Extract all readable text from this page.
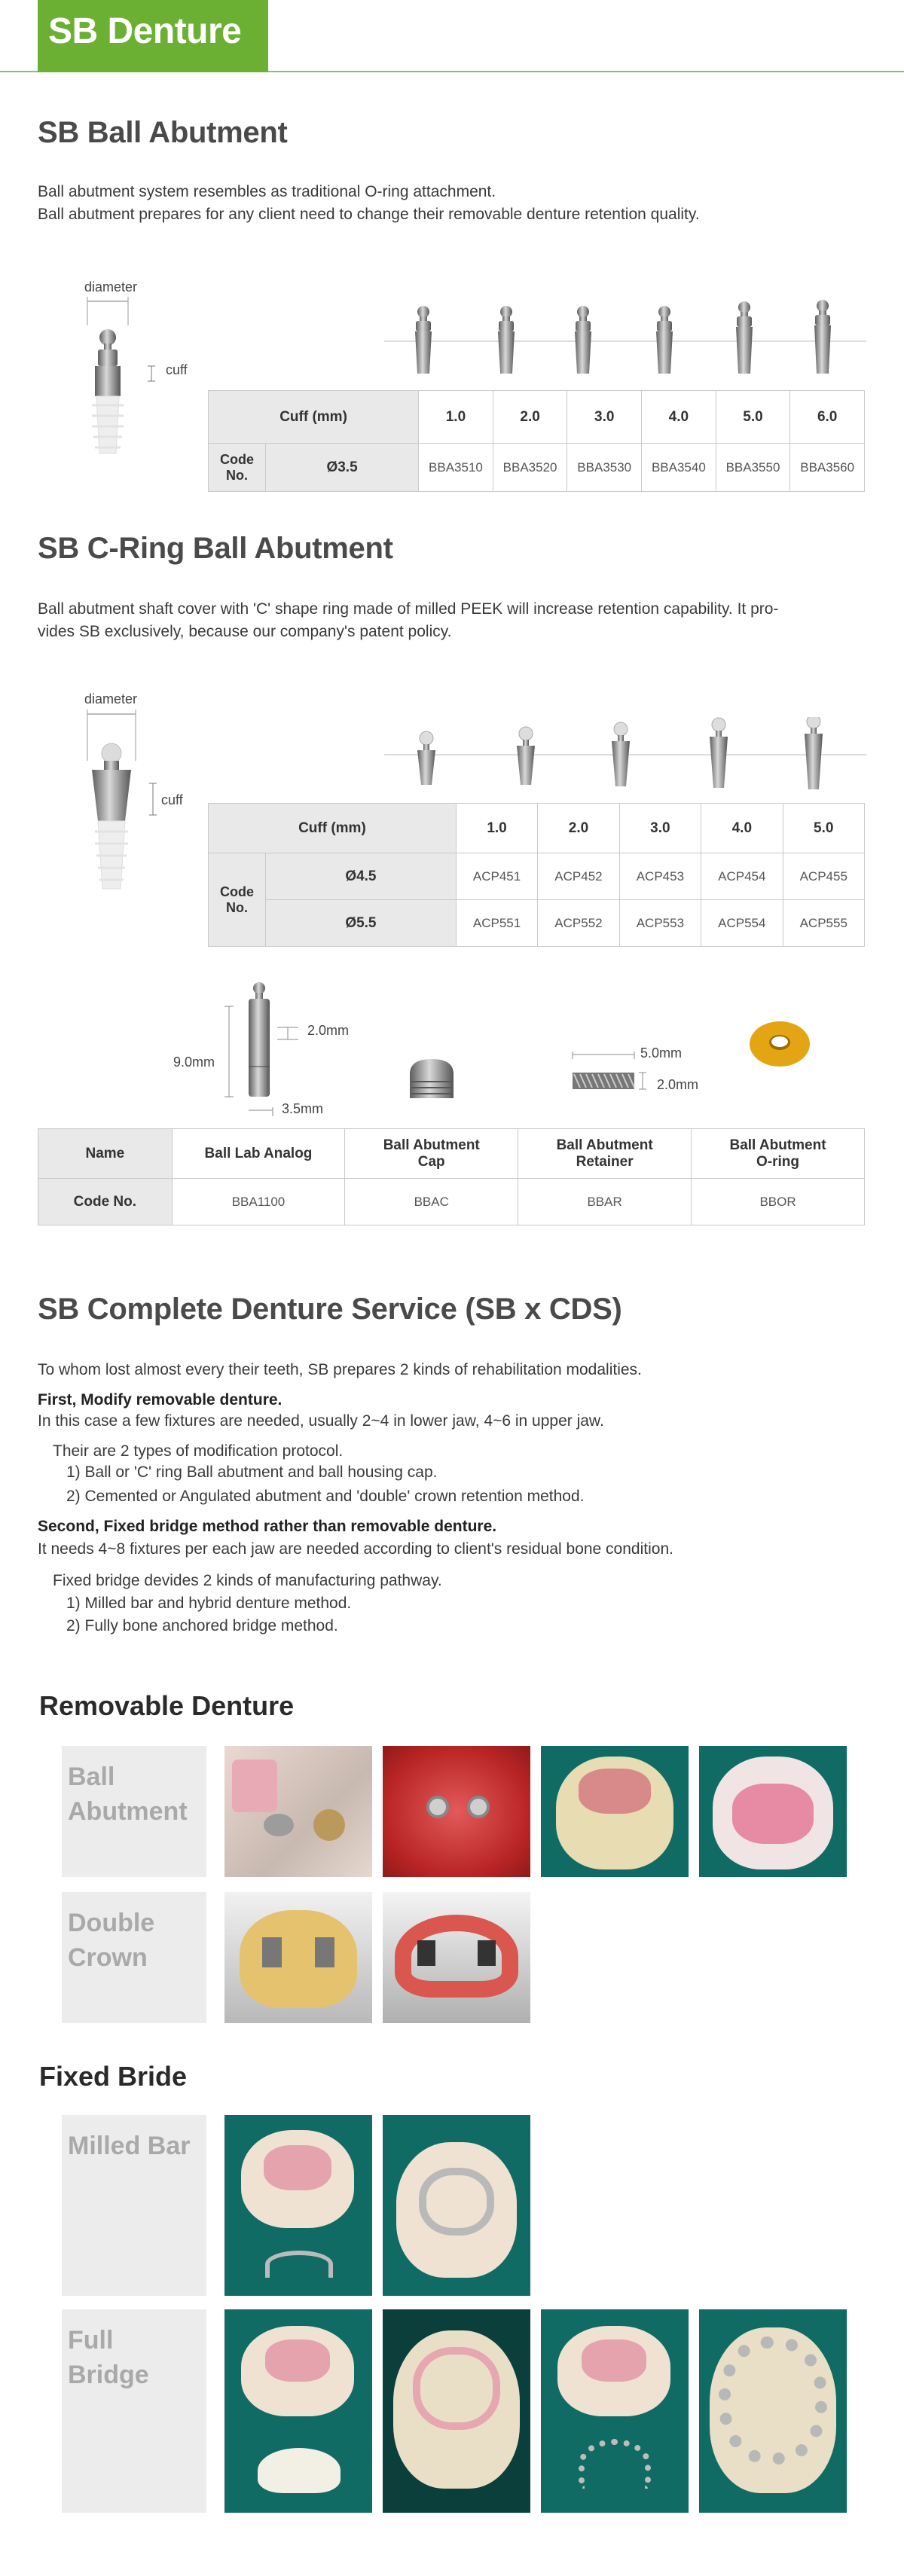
SB Denture
SB Ball Abutment
Ball abutment system resembles as traditional O-ring attachment.
Ball abutment prepares for any client need to change their removable denture retention quality.
diameter
cuff
Cuff (mm)		1.0	2.0	3.0	4.0	5.0	6.0
Code No.	Ø3.5	BBA3510	BBA3520	BBA3530	BBA3540	BBA3550	BBA3560
SB C-Ring Ball Abutment
Ball abutment shaft cover with 'C' shape ring made of milled PEEK will increase retention capability. It pro-
vides SB exclusively, because our company's patent policy.
diameter
cuff
Cuff (mm)		1.0	2.0	3.0	4.0	5.0
Code No.	Ø4.5	ACP451	ACP452	ACP453	ACP454	ACP455
	Ø5.5	ACP551	ACP552	ACP553	ACP554	ACP555
9.0mm
2.0mm
3.5mm
5.0mm
2.0mm
Name	Ball Lab Analog	Ball Abutment Cap	Ball Abutment Retainer	Ball Abutment O-ring
Code No.	BBA1100	BBAC	BBAR	BBOR
SB Complete Denture Service (SB x CDS)
To whom lost almost every their teeth, SB prepares 2 kinds of rehabilitation modalities.
First, Modify removable denture.
In this case a few fixtures are needed, usually 2~4 in lower jaw, 4~6 in upper jaw.
Their are 2 types of modification protocol.
1) Ball or 'C' ring Ball abutment and ball housing cap.
2) Cemented or Angulated abutment and 'double' crown retention method.
Second, Fixed bridge method rather than removable denture.
It needs 4~8 fixtures per each jaw are needed according to client's residual bone condition.
Fixed bridge devides 2 kinds of manufacturing pathway.
1) Milled bar and hybrid denture method.
2) Fully bone anchored bridge method.
Removable Denture
Ball Abutment
Double Crown
Fixed Bride
Milled Bar
Full Bridge
